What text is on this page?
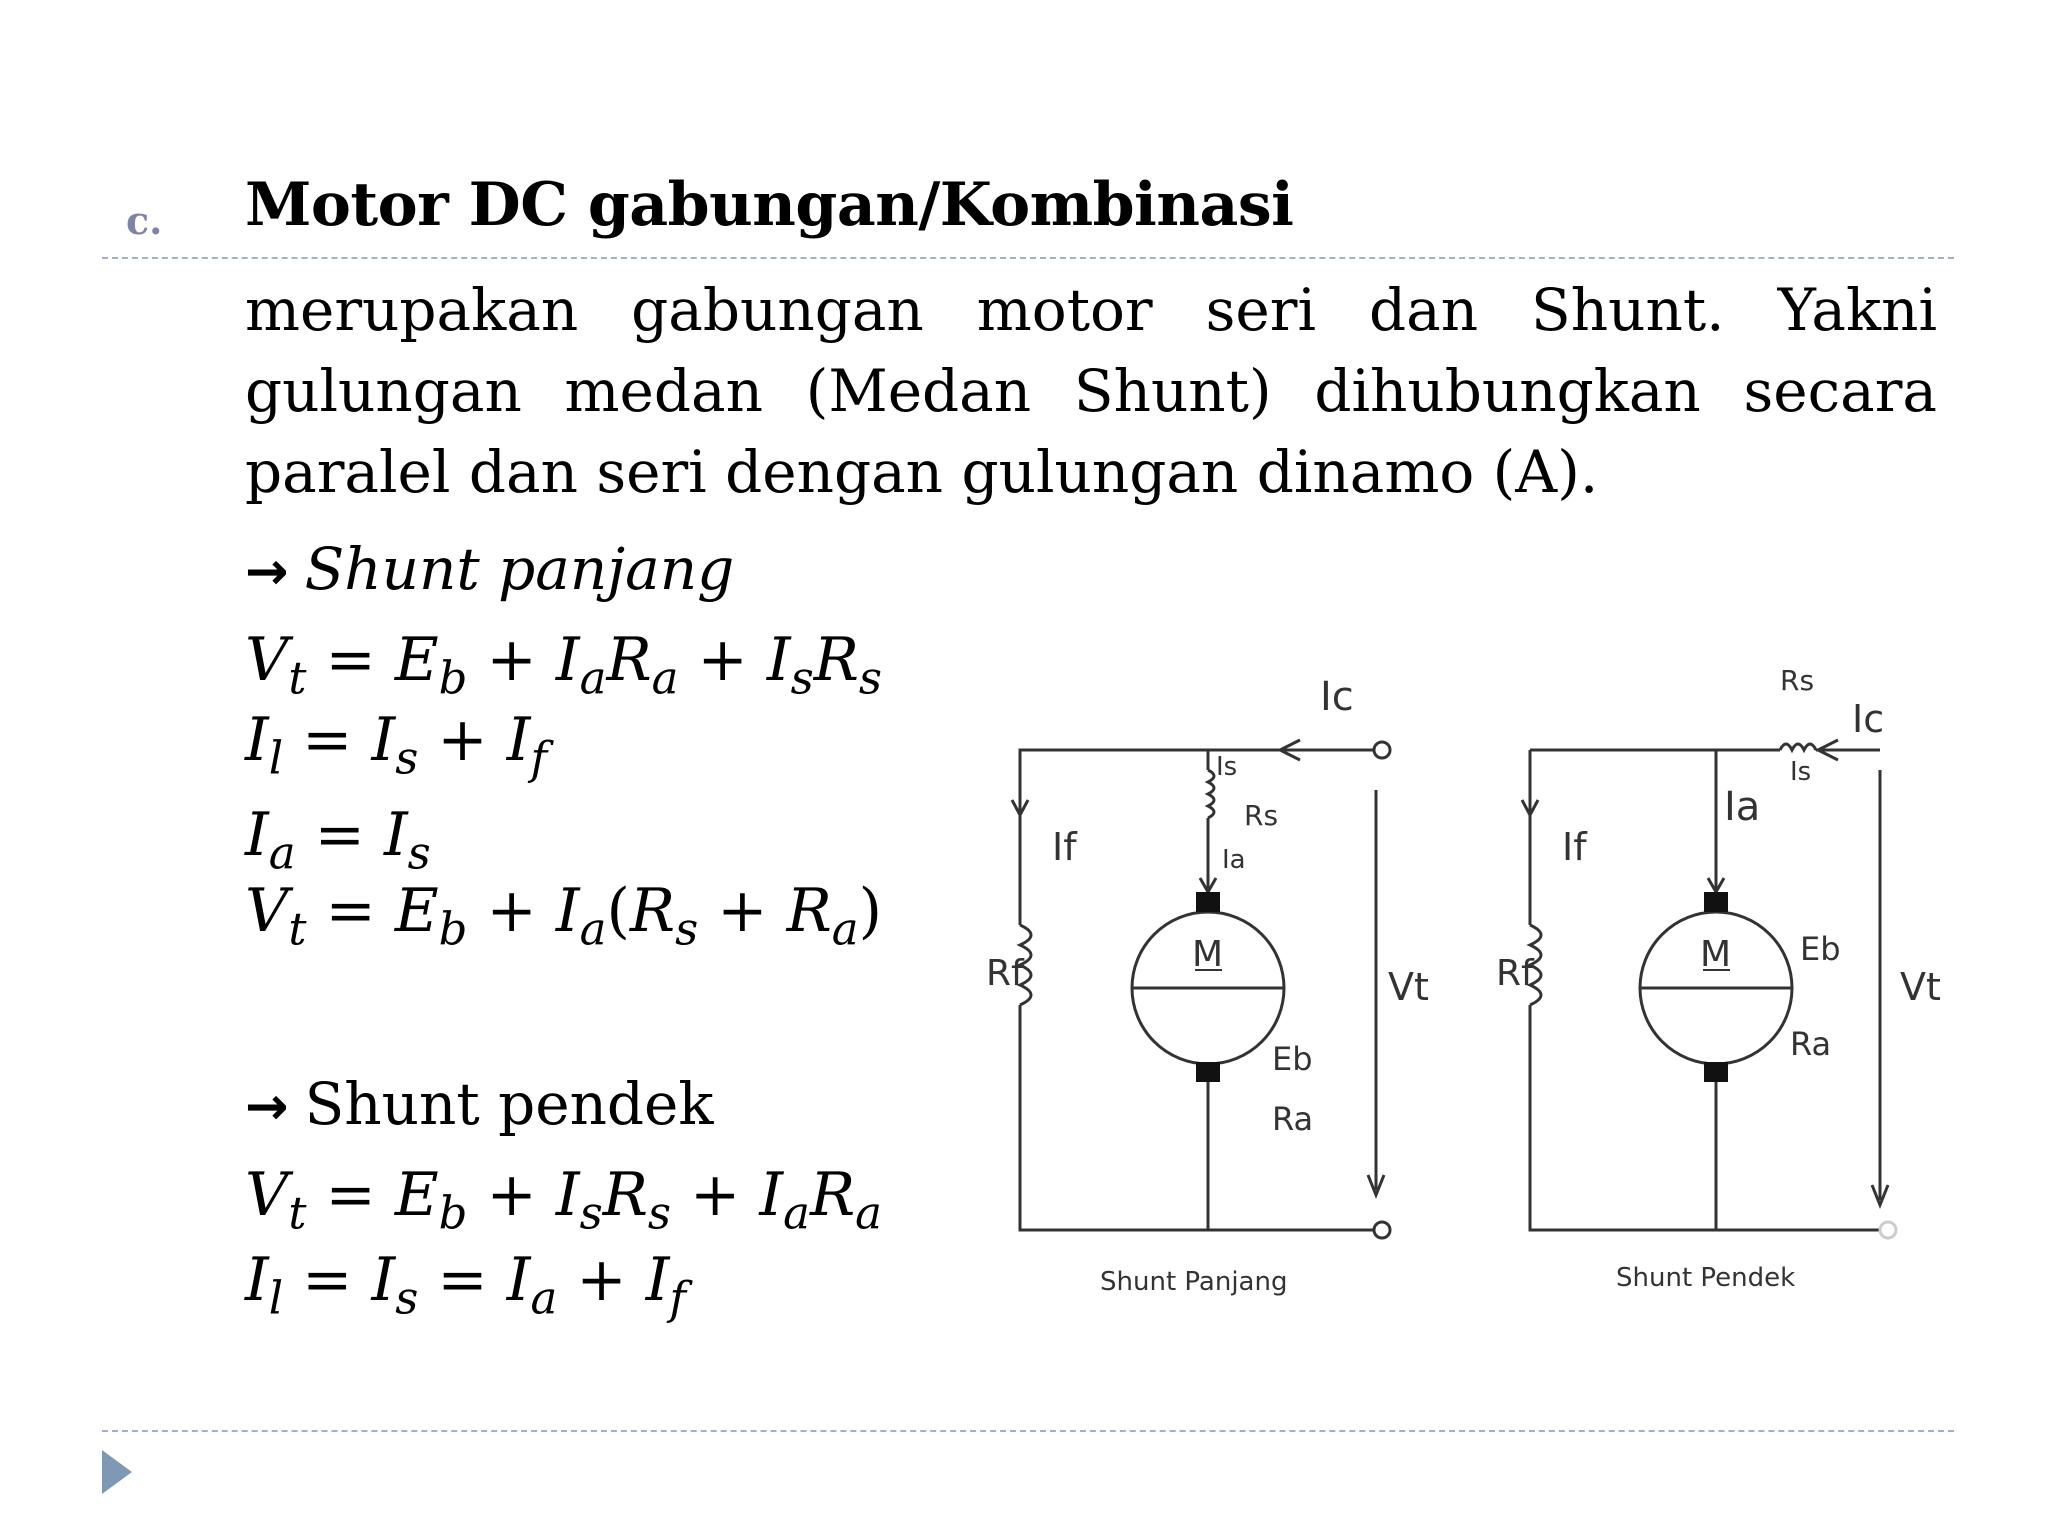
c. Motor DC gabungan/Kombinasi
merupakan gabungan motor seri dan Shunt. Yakni
gulungan medan (Medan Shunt) dihubungkan secara
paralel dan seri dengan gulungan dinamo (A).
→ Shunt panjang
$V_t = E_b + I_aR_a + I_sR_s$
$I_l = I_s + I_f$
$I_a = I_s$
$V_t = E_b + I_a(R_s + R_a)$
→ Shunt pendek
$V_t = E_b + I_sR_s + I_aR_a$
$I_l = I_s = I_a + I_f$
Ic
Is
Rs
Ia
If
Rf	M
Vt
Eb
Ra
Shunt Panjang
Rs
Ic
Is
Ia
If
Rf	M Eb
Ra
Vt
Shunt Pendek
